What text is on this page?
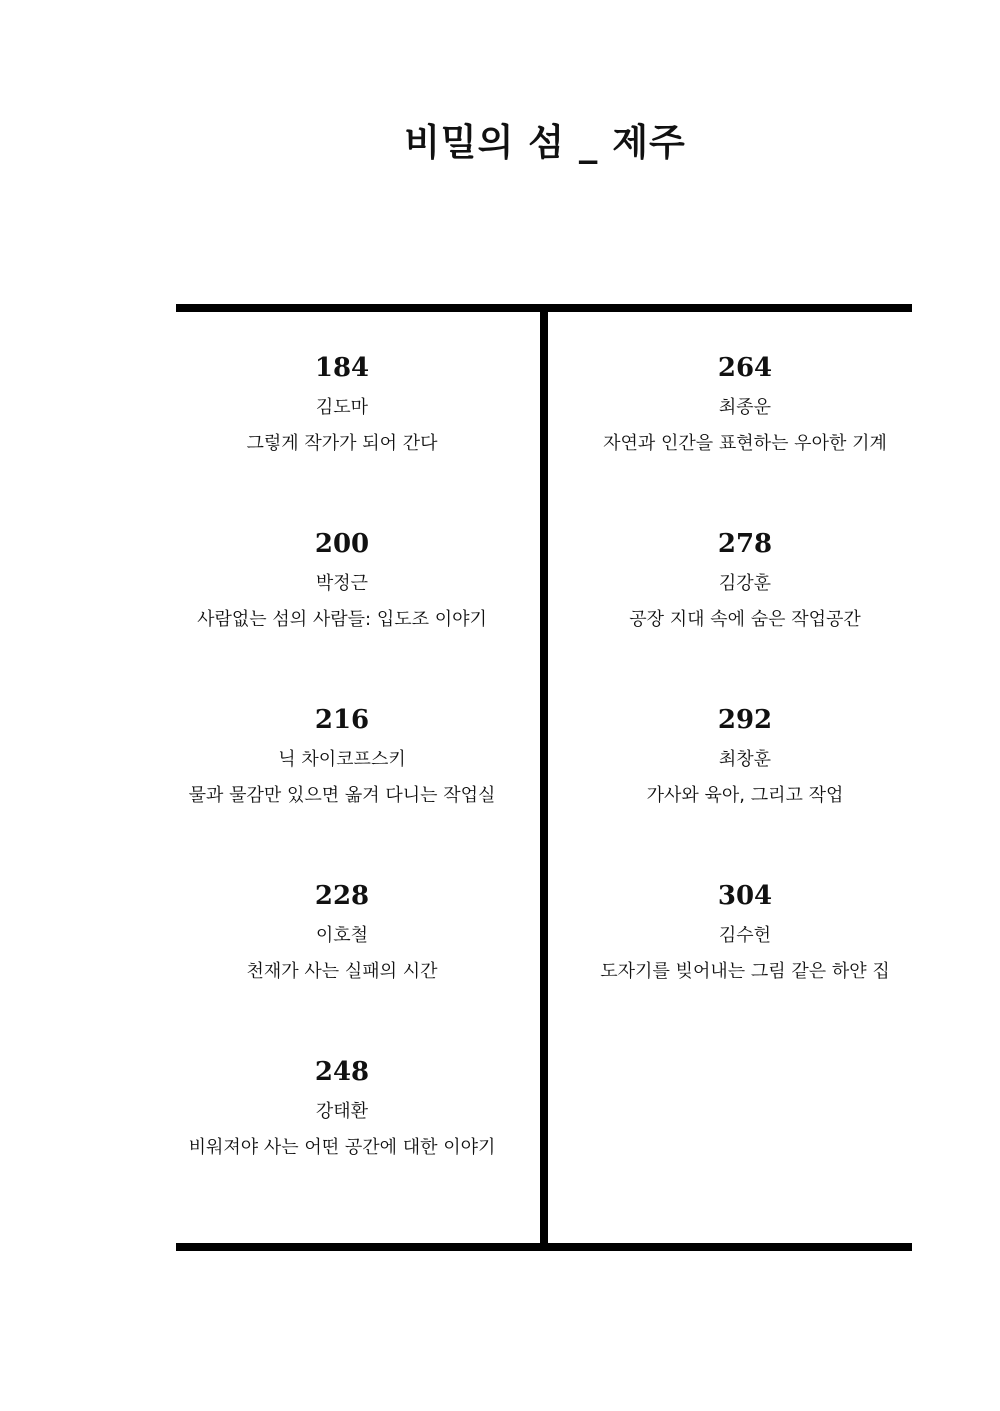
비밀의 섬 _ 제주
184
김도마
그렇게 작가가 되어 간다
200
박정근
사람없는 섬의 사람들: 입도조 이야기
216
닉 차이코프스키
물과 물감만 있으면 옮겨 다니는 작업실
228
이호철
천재가 사는 실패의 시간
248
강태환
비워져야 사는 어떤 공간에 대한 이야기
264
최종운
자연과 인간을 표현하는 우아한 기계
278
김강훈
공장 지대 속에 숨은 작업공간
292
최창훈
가사와 육아, 그리고 작업
304
김수헌
도자기를 빚어내는 그림 같은 하얀 집
